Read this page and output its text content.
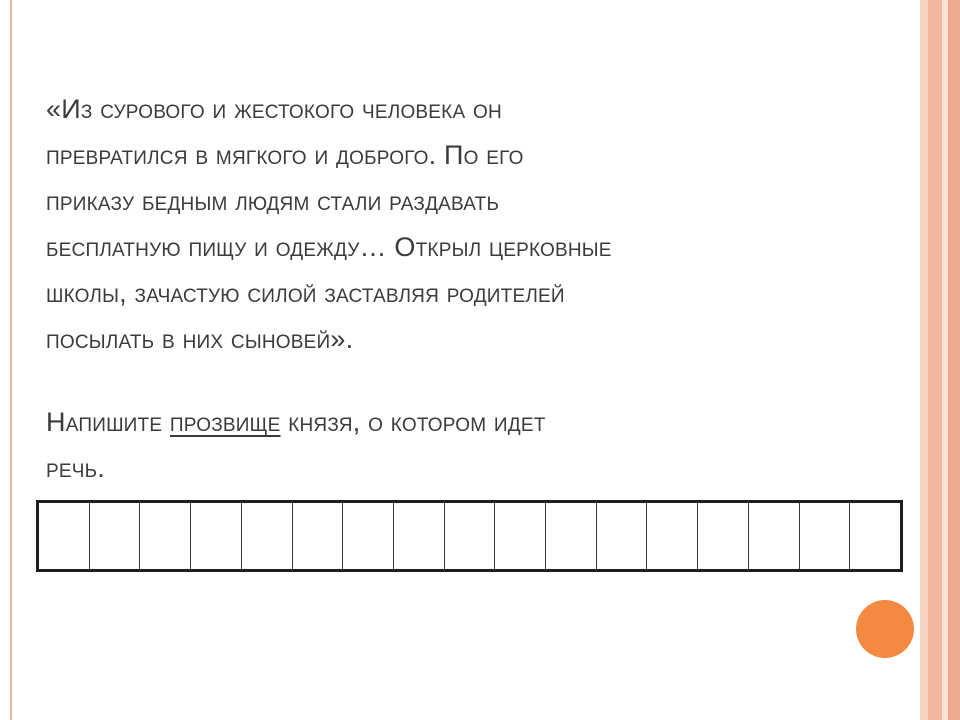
«Из сурового и жестокого человека он
превратился в мягкого и доброго. По его
приказу бедным людям стали раздавать
бесплатную пищу и одежду… Открыл церковные
школы, зачастую силой заставляя родителей
посылать в них сыновей».
Напишите прозвище князя, о котором идет
речь.
